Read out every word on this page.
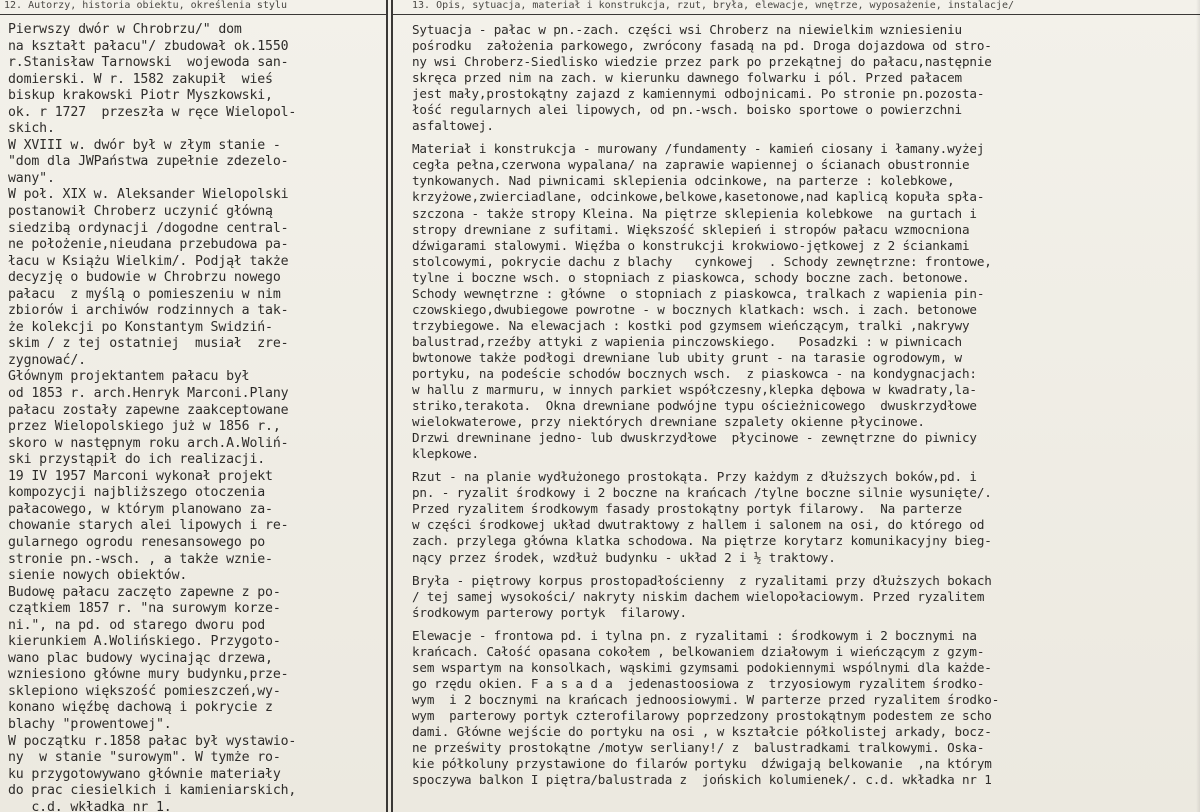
12. Autorzy, historia obiektu, określenia stylu	13. Opis, sytuacja, materiał i konstrukcja, rzut, bryła, elewacje, wnętrze, wyposażenie, instalacje/
Pierwszy dwór w Chrobrzu/" dom
na kształt pałacu"/ zbudował ok.1550
r.Stanisław Tarnowski  wojewoda san-
domierski. W r. 1582 zakupił  wieś
biskup krakowski Piotr Myszkowski,
ok. r 1727  przeszła w ręce Wielopol-
skich.
W XVIII w. dwór był w złym stanie -
"dom dla JWPaństwa zupełnie zdezelo-
wany".
W poł. XIX w. Aleksander Wielopolski
postanowił Chroberz uczynić główną
siedzibą ordynacji /dogodne central-
ne położenie,nieudana przebudowa pa-
łacu w Książu Wielkim/. Podjął także
decyzję o budowie w Chrobrzu nowego
pałacu  z myślą o pomieszeniu w nim
zbiorów i archiwów rodzinnych a tak-
że kolekcji po Konstantym Swidziń-
skim / z tej ostatniej  musiał  zre-
zygnować/.
Głównym projektantem pałacu był
od 1853 r. arch.Henryk Marconi.Plany
pałacu zostały zapewne zaakceptowane
przez Wielopolskiego już w 1856 r.,
skoro w następnym roku arch.A.Woliń-
ski przystąpił do ich realizacji.
19 IV 1957 Marconi wykonał projekt
kompozycji najbliższego otoczenia
pałacowego, w którym planowano za-
chowanie starych alei lipowych i re-
gularnego ogrodu renesansowego po
stronie pn.-wsch. , a także wznie-
sienie nowych obiektów.
Budowę pałacu zaczęto zapewne z po-
czątkiem 1857 r. "na surowym korze-
ni.", na pd. od starego dworu pod
kierunkiem A.Wolińskiego. Przygoto-
wano plac budowy wycinając drzewa,
wzniesiono główne mury budynku,prze-
sklepiono większość pomieszczeń,wy-
konano więźbę dachową i pokrycie z
blachy "prowentowej".
W początku r.1858 pałac był wystawio-
ny  w stanie "surowym". W tymże ro-
ku przygotowywano głównie materiały
do prac ciesielkich i kamieniarskich,
c.d. wkładka nr 1.
Sytuacja - pałac w pn.-zach. części wsi Chroberz na niewielkim wzniesieniu
pośrodku  założenia parkowego, zwrócony fasadą na pd. Droga dojazdowa od stro-
ny wsi Chroberz-Siedlisko wiedzie przez park po przekątnej do pałacu,następnie
skręca przed nim na zach. w kierunku dawnego folwarku i pól. Przed pałacem
jest mały,prostokątny zajazd z kamiennymi odbojnicami. Po stronie pn.pozosta-
łość regularnych alei lipowych, od pn.-wsch. boisko sportowe o powierzchni
asfaltowej.
Materiał i konstrukcja - murowany /fundamenty - kamień ciosany i łamany.wyżej
cegła pełna,czerwona wypalana/ na zaprawie wapiennej o ścianach obustronnie
tynkowanych. Nad piwnicami sklepienia odcinkowe, na parterze : kolebkowe,
krzyżowe,zwierciadlane, odcinkowe,belkowe,kasetonowe,nad kaplicą kopuła spła-
szczona - także stropy Kleina. Na piętrze sklepienia kolebkowe  na gurtach i
stropy drewniane z sufitami. Większość sklepień i stropów pałacu wzmocniona
dźwigarami stalowymi. Więźba o konstrukcji krokwiowo-jętkowej z 2 ściankami
stolcowymi, pokrycie dachu z blachy   cynkowej  . Schody zewnętrzne: frontowe,
tylne i boczne wsch. o stopniach z piaskowca, schody boczne zach. betonowe.
Schody wewnętrzne : główne  o stopniach z piaskowca, tralkach z wapienia pin-
czowskiego,dwubiegowe powrotne - w bocznych klatkach: wsch. i zach. betonowe
trzybiegowe. Na elewacjach : kostki pod gzymsem wieńczącym, tralki ,nakrywy
balustrad,rzeźby attyki z wapienia pinczowskiego.   Posadzki : w piwnicach
bwtonowe także podłogi drewniane lub ubity grunt - na tarasie ogrodowym, w
portyku, na podeście schodów bocznych wsch.  z piaskowca - na kondygnacjach:
w hallu z marmuru, w innych parkiet współczesny,klepka dębowa w kwadraty,la-
striko,terakota.  Okna drewniane podwójne typu ościeżnicowego  dwuskrzydłowe
wielokwaterowe, przy niektórych drewniane szpalety okienne płycinowe.
Drzwi drewninane jedno- lub dwuskrzydłowe  płycinowe - zewnętrzne do piwnicy
klepkowe.
Rzut - na planie wydłużonego prostokąta. Przy każdym z dłuższych boków,pd. i
pn. - ryzalit środkowy i 2 boczne na krańcach /tylne boczne silnie wysunięte/.
Przed ryzalitem środkowym fasady prostokątny portyk filarowy.  Na parterze
w części środkowej układ dwutraktowy z hallem i salonem na osi, do którego od
zach. przylega główna klatka schodowa. Na piętrze korytarz komunikacyjny bieg-
nący przez środek, wzdłuż budynku - układ 2 i ½ traktowy.
Bryła - piętrowy korpus prostopadłościenny  z ryzalitami przy dłuższych bokach
/ tej samej wysokości/ nakryty niskim dachem wielopołaciowym. Przed ryzalitem
środkowym parterowy portyk  filarowy.
Elewacje - frontowa pd. i tylna pn. z ryzalitami : środkowym i 2 bocznymi na
krańcach. Całość opasana cokołem , belkowaniem działowym i wieńczącym z gzym-
sem wspartym na konsolkach, wąskimi gzymsami podokiennymi wspólnymi dla każde-
go rzędu okien. F a s a d a  jedenastoosiowa z  trzyosiowym ryzalitem środko-
wym  i 2 bocznymi na krańcach jednoosiowymi. W parterze przed ryzalitem środko-
wym  parterowy portyk czterofilarowy poprzedzony prostokątnym podestem ze scho
dami. Główne wejście do portyku na osi , w kształcie półkolistej arkady, bocz-
ne prześwity prostokątne /motyw serliany!/ z  balustradkami tralkowymi. Oska-
kie półkoluny przystawione do filarów portyku  dźwigają belkowanie  ,na którym
spoczywa balkon I piętra/balustrada z  jońskich kolumienek/. c.d. wkładka nr 1
